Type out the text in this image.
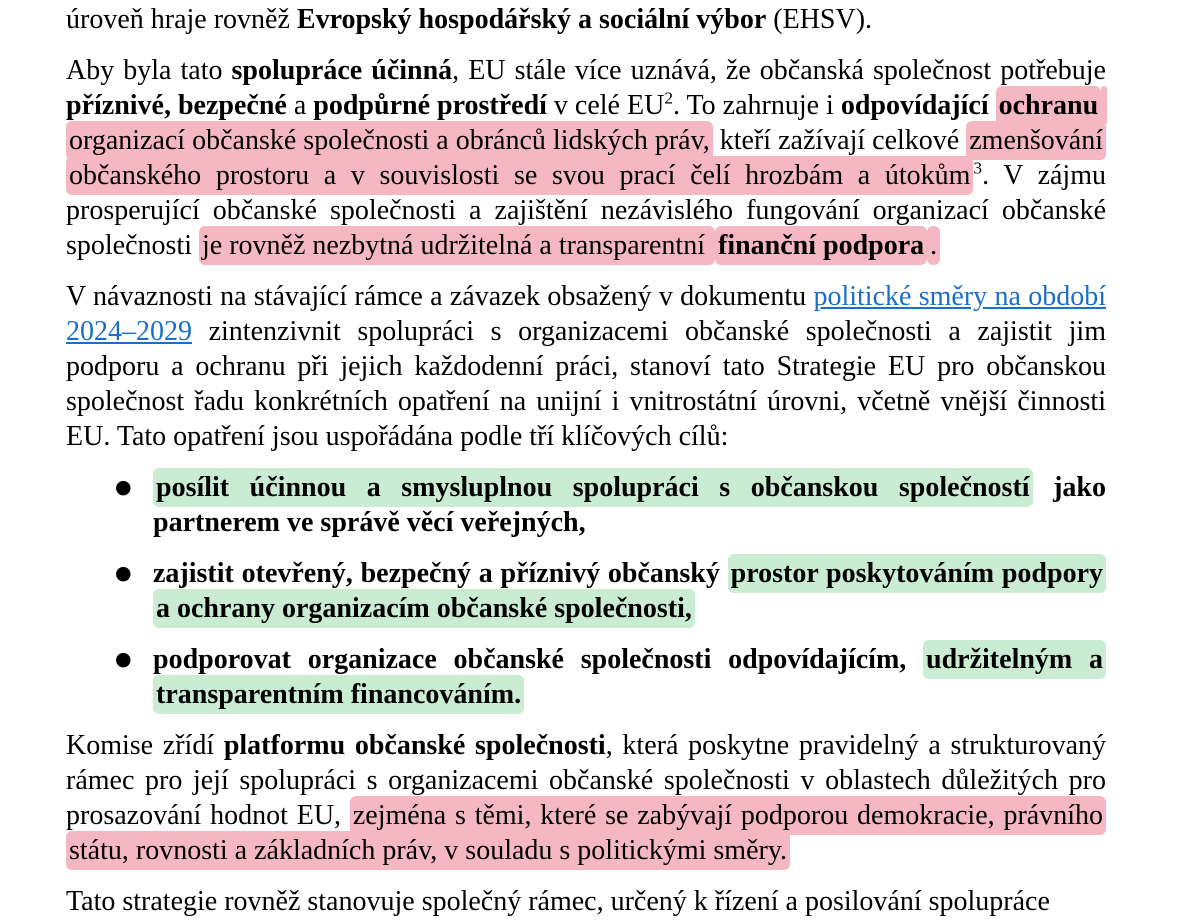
úroveň hraje rovněž Evropský hospodářský a sociální výbor (EHSV).

Aby byla tato spolupráce účinná, EU stále více uznává, že občanská společnost potřebuje příznivé, bezpečné a podpůrné prostředí v celé EU$^2$. To zahrnuje i odpovídající ochranu organizací občanské společnosti a obránců lidských práv, kteří zažívají celkové zmenšování občanského prostoru a v souvislosti se svou prací čelí hrozbám a útokům $^3$. V zájmu prosperující občanské společnosti a zajištění nezávislého fungování organizací občanské společnosti je rovněž nezbytná udržitelná a transparentní finanční podpora .

V návaznosti na stávající rámce a závazek obsažený v dokumentu politické směry na období 2024–2029 zintenzivnit spolupráci s organizacemi občanské společnosti a zajistit jim podporu a ochranu při jejich každodenní práci, stanoví tato Strategie EU pro občanskou společnost řadu konkrétních opatření na unijní i vnitrostátní úrovni, včetně vnější činnosti EU. Tato opatření jsou uspořádána podle tří klíčových cílů:

● posílit účinnou a smysluplnou spolupráci s občanskou společností jako partnerem ve správě věcí veřejných,
● zajistit otevřený, bezpečný a příznivý občanský prostor poskytováním podpory a ochrany organizacím občanské společnosti,
● podporovat organizace občanské společnosti odpovídajícím, udržitelným a transparentním financováním.

Komise zřídí platformu občanské společnosti, která poskytne pravidelný a strukturovaný rámec pro její spolupráci s organizacemi občanské společnosti v oblastech důležitých pro prosazování hodnot EU, zejména s těmi, které se zabývají podporou demokracie, právního státu, rovnosti a základních práv, v souladu s politickými směry.

Tato strategie rovněž stanovuje společný rámec, určený k řízení a posilování spolupráce
